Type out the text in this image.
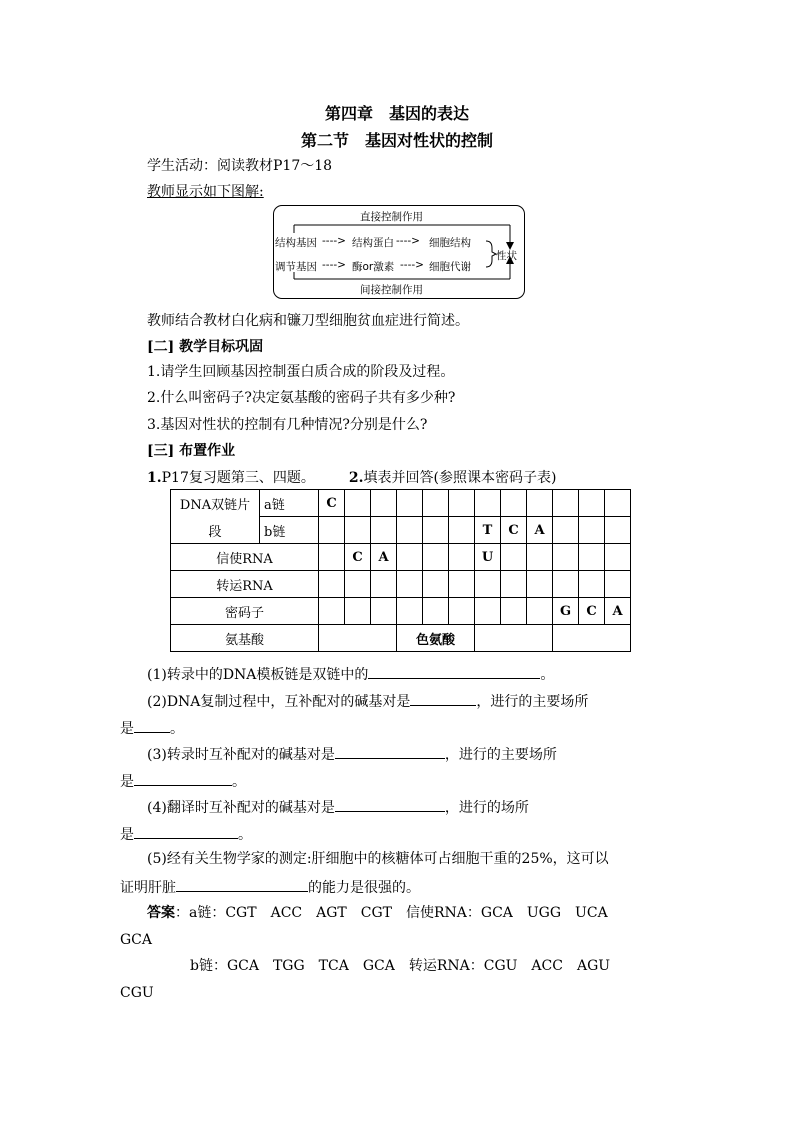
第四章　基因的表达
第二节　基因对性状的控制
学生活动：阅读教材P17～18
教师显示如下图解:
直接控制作用
结构基因 ----> 结构蛋白 ----> 细胞结构
性状
调节基因 ----> 酶or激素 ----> 细胞代谢
间接控制作用
教师结合教材白化病和镰刀型细胞贫血症进行简述。
[二] 教学目标巩固
1.请学生回顾基因控制蛋白质合成的阶段及过程。
2.什么叫密码子?决定氨基酸的密码子共有多少种?
3.基因对性状的控制有几种情况?分别是什么?
[三] 布置作业
1.P17复习题第三、四题。 2.填表并回答(参照课本密码子表)
DNA双链片
段	a链	C											
	b链							T	C	A			
信使RNA			C	A				U					
转运RNA													
密码子											G	C	A
氨基酸					色氨酸								
(1)转录中的DNA模板链是双链中的	。
(2)DNA复制过程中，互补配对的碱基对是	，进行的主要场所
是	。
(3)转录时互补配对的碱基对是	，进行的主要场所
是	。
(4)翻译时互补配对的碱基对是	，进行的场所
是	。
(5)经有关生物学家的测定:肝细胞中的核糖体可占细胞干重的25%，这可以
证明肝脏	的能力是很强的。
答案：a链：CGT　ACC　AGT　CGT　信使RNA：GCA　UGG　UCA
GCA
b链：GCA　TGG　TCA　GCA　转运RNA：CGU　ACC　AGU
CGU
